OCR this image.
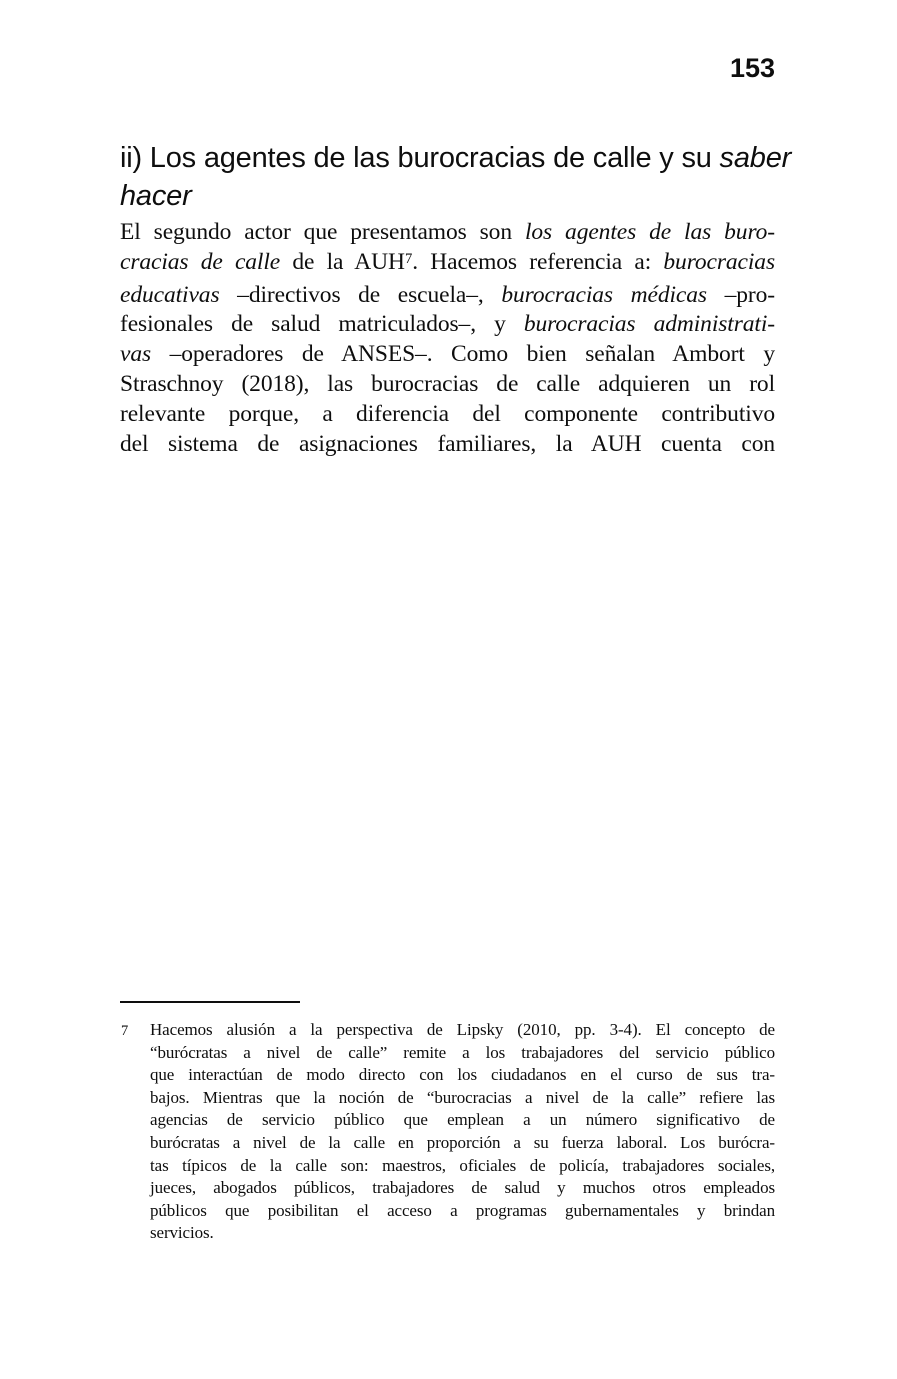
153
ii) Los agentes de las burocracias de calle y su saber
hacer
El segundo actor que presentamos son los agentes de las buro-
cracias de calle de la AUH$^7$. Hacemos referencia a: burocracias
educativas –directivos de escuela–, burocracias médicas –pro-
fesionales de salud matriculados–, y burocracias administrati-
vas –operadores de ANSES–. Como bien señalan Ambort y
Straschnoy (2018), las burocracias de calle adquieren un rol
relevante porque, a diferencia del componente contributivo
del sistema de asignaciones familiares, la AUH cuenta con
7 Hacemos alusión a la perspectiva de Lipsky (2010, pp. 3-4). El concepto de
“burócratas a nivel de calle” remite a los trabajadores del servicio público
que interactúan de modo directo con los ciudadanos en el curso de sus tra-
bajos. Mientras que la noción de “burocracias a nivel de la calle” refiere las
agencias de servicio público que emplean a un número significativo de
burócratas a nivel de la calle en proporción a su fuerza laboral. Los burócra-
tas típicos de la calle son: maestros, oficiales de policía, trabajadores sociales,
jueces, abogados públicos, trabajadores de salud y muchos otros empleados
públicos que posibilitan el acceso a programas gubernamentales y brindan
servicios.
